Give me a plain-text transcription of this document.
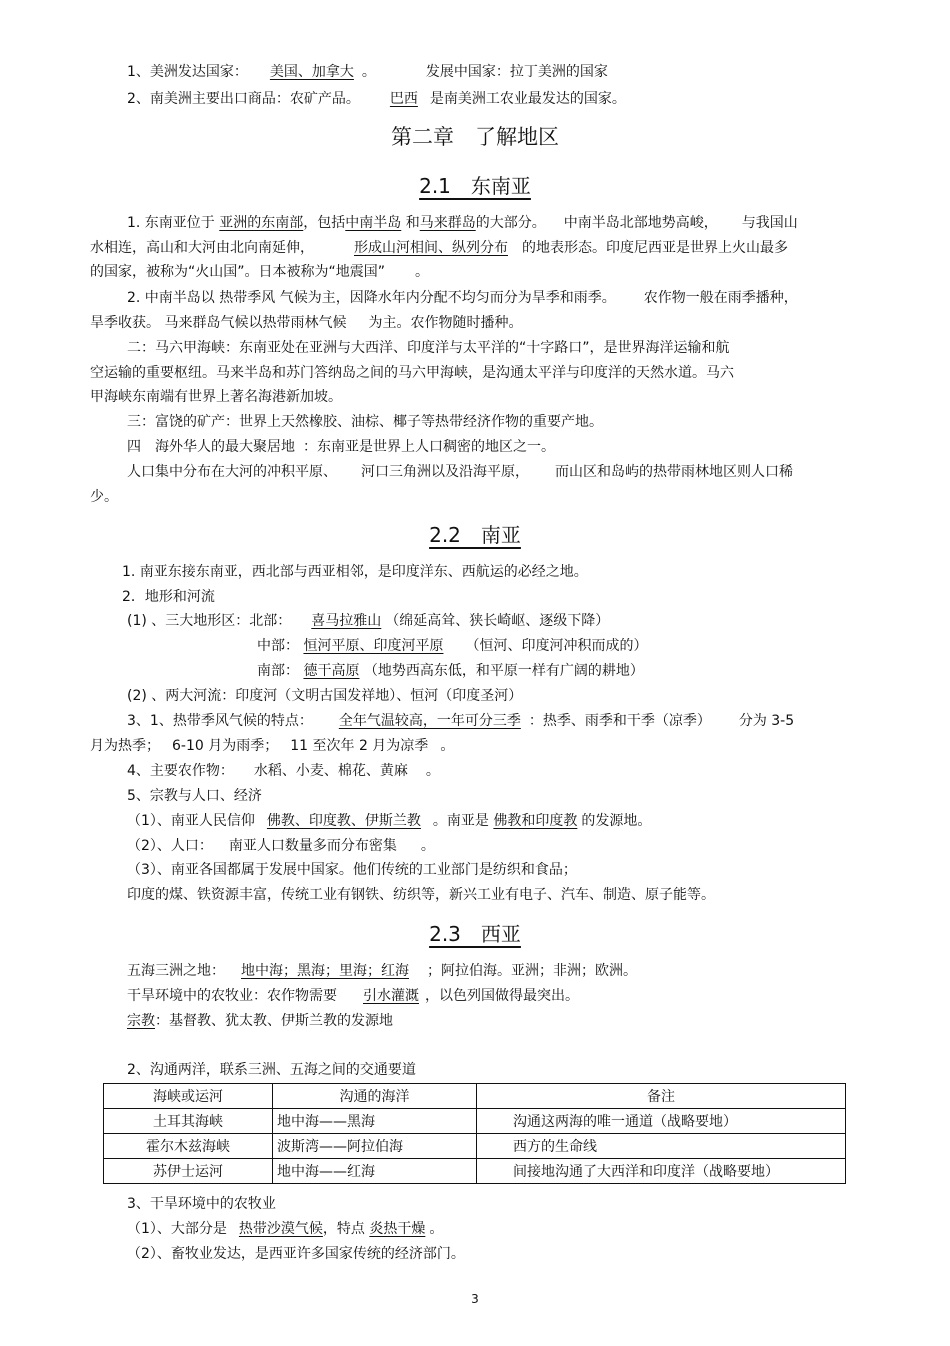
1、美洲发达国家： 美国、加拿大 。	发展中国家：拉丁美洲的国家
2、南美洲主要出口商品：农矿产品。 巴西 是南美洲工农业最发达的国家。
第二章　了解地区
2.1　东南亚
1. 东南亚位于 亚洲的东南部，包括中南半岛 和马来群岛的大部分。 中南半岛北部地势高峻， 与我国山
水相连，高山和大河由北向南延伸，	形成山河相间、纵列分布 的地表形态。印度尼西亚是世界上火山最多
的国家，被称为“火山国”。日本被称为“地震国” 。
2. 中南半岛以 热带季风 气候为主，因降水年内分配不均匀而分为旱季和雨季。 农作物一般在雨季播种，
旱季收获。 马来群岛气候以热带雨林气候 为主。农作物随时播种。
二：马六甲海峡：东南亚处在亚洲与大西洋、印度洋与太平洋的“十字路口”，是世界海洋运输和航
空运输的重要枢纽。马来半岛和苏门答纳岛之间的马六甲海峡，是沟通太平洋与印度洋的天然水道。马六
甲海峡东南端有世界上著名海港新加坡。
三：富饶的矿产：世界上天然橡胶、油棕、椰子等热带经济作物的重要产地。
四　海外华人的最大聚居地 ：东南亚是世界上人口稠密的地区之一。
人口集中分布在大河的冲积平原、 河口三角洲以及沿海平原， 而山区和岛屿的热带雨林地区则人口稀
少。
2.2　南亚
1. 南亚东接东南亚，西北部与西亚相邻，是印度洋东、西航运的必经之地。
2．地形和河流
(1) 、三大地形区：北部： 喜马拉雅山 （绵延高耸、狭长崎岖、逐级下降）
中部： 恒河平原、印度河平原 （恒河、印度河冲积而成的）
南部： 德干高原 （地势西高东低，和平原一样有广阔的耕地）
(2) 、两大河流：印度河（文明古国发祥地）、恒河（印度圣河）
3、1、热带季风气候的特点： 全年气温较高，一年可分三季 ：热季、雨季和干季（凉季） 分为 3-5
月为热季； 6-10 月为雨季； 11 至次年 2 月为凉季 。
4、主要农作物： 水稻、小麦、棉花、黄麻 。
5、宗教与人口、经济
（1）、南亚人民信仰 佛教、印度教、伊斯兰教 。南亚是 佛教和印度教 的发源地。
（2）、人口： 南亚人口数量多而分布密集 。
（3）、南亚各国都属于发展中国家。他们传统的工业部门是纺织和食品；
印度的煤、铁资源丰富，传统工业有钢铁、纺织等，新兴工业有电子、汽车、制造、原子能等。
2.3　西亚
五海三洲之地： 地中海；黑海；里海；红海 ；阿拉伯海。亚洲；非洲；欧洲。
干旱环境中的农牧业：农作物需要 引水灌溉 ，以色列国做得最突出。
宗教：基督教、犹太教、伊斯兰教的发源地
2、沟通两洋，联系三洲、五海之间的交通要道
海峡或运河	沟通的海洋	备注
土耳其海峡	地中海——黑海	沟通这两海的唯一通道（战略要地）
霍尔木兹海峡	波斯湾——阿拉伯海	西方的生命线
苏伊士运河	地中海——红海	间接地沟通了大西洋和印度洋（战略要地）
3、干旱环境中的农牧业
（1）、大部分是 热带沙漠气候，特点 炎热干燥 。
（2）、畜牧业发达，是西亚许多国家传统的经济部门。
3
